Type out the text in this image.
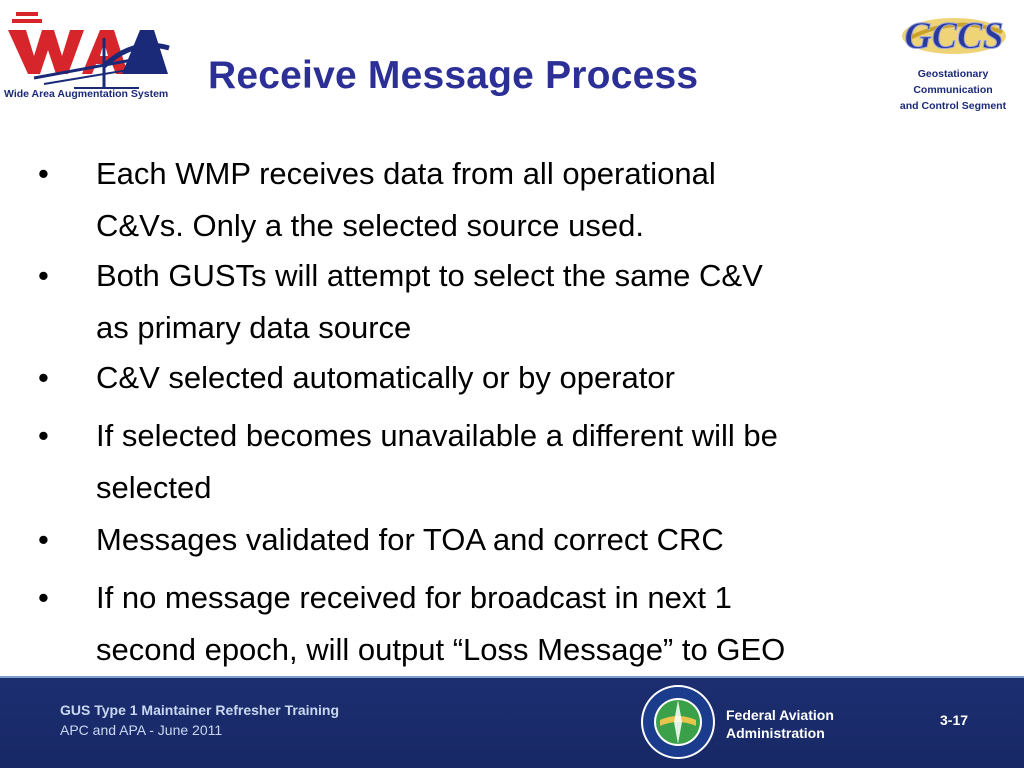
Wide Area Augmentation System Receive Message Process
GCCS
Geostationary
Communication
and Control Segment
• Each WMP receives data from all operational
C&Vs. Only a the selected source used.
• Both GUSTs will attempt to select the same C&V
as primary data source
• C&V selected automatically or by operator
• If selected becomes unavailable a different will be
selected
• Messages validated for TOA and correct CRC
• If no message received for broadcast in next 1
second epoch, will output “Loss Message” to GEO
GUS Type 1 Maintainer Refresher Training
APC and APA - June 2011
Federal Aviation
Administration
3-17
